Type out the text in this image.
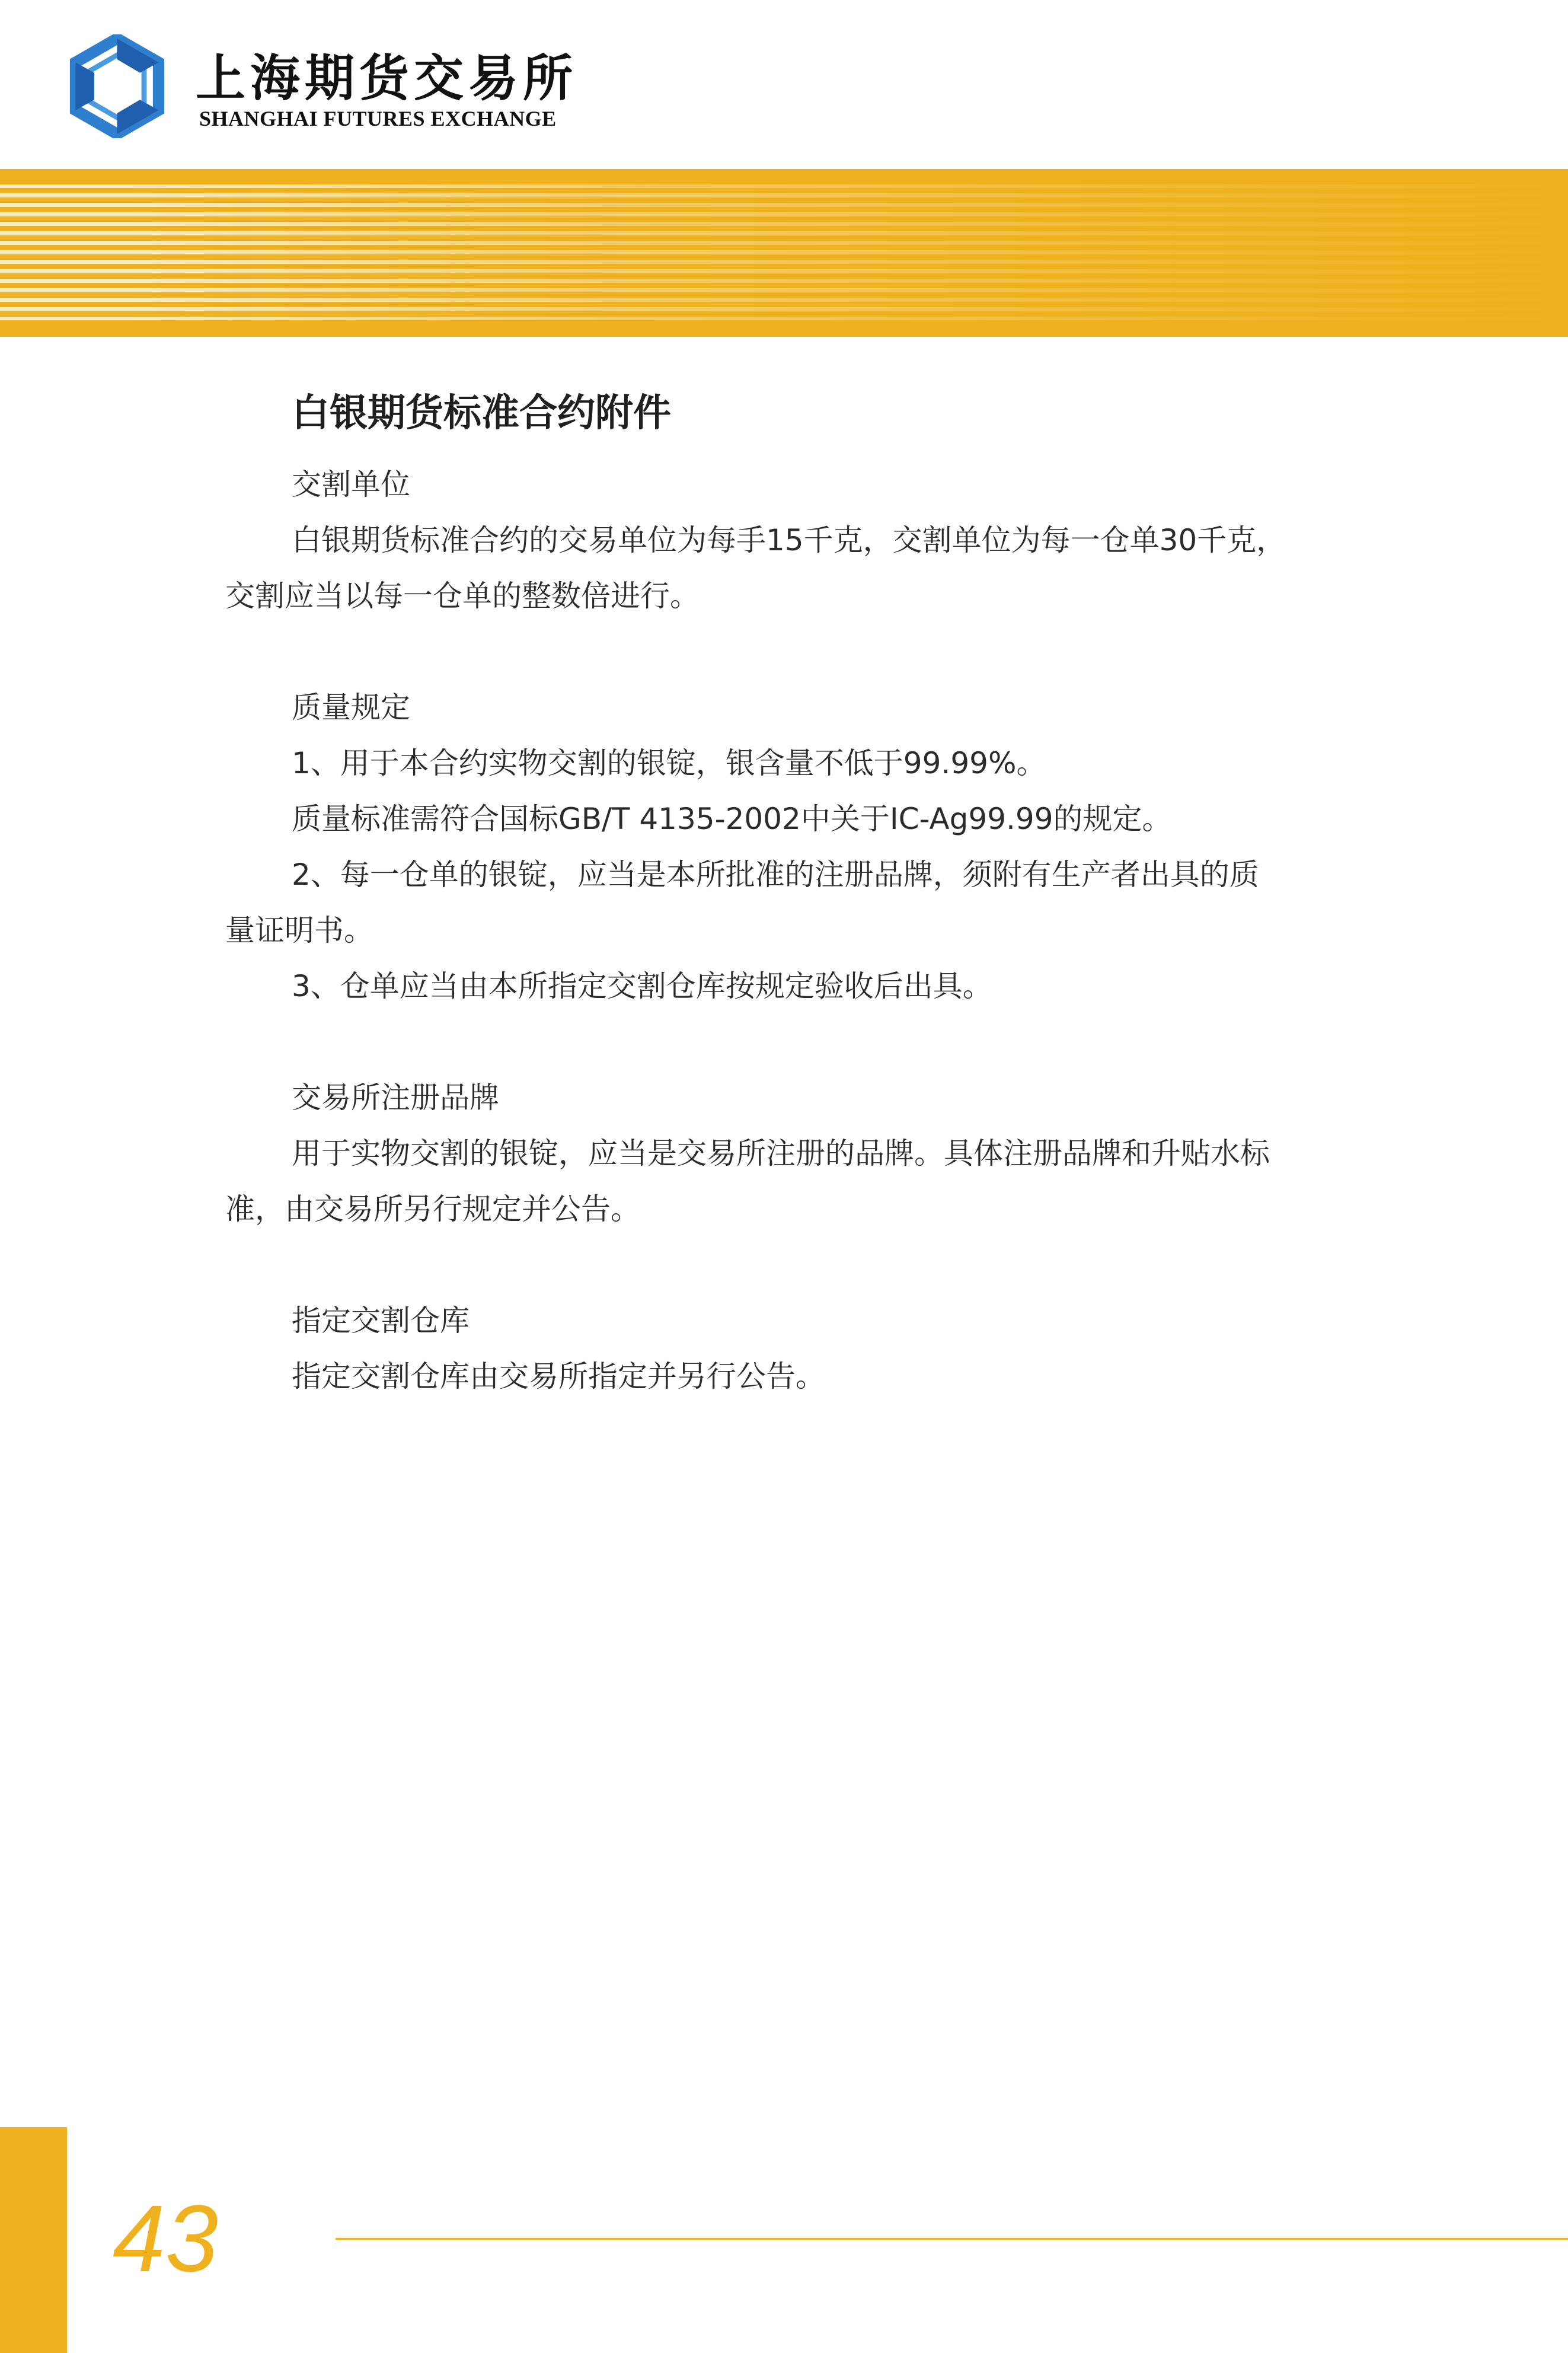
上海期货交易所
SHANGHAI FUTURES EXCHANGE
白银期货标准合约附件
交割单位
白银期货标准合约的交易单位为每手15千克，交割单位为每一仓单30千克，
交割应当以每一仓单的整数倍进行。
质量规定
1、用于本合约实物交割的银锭，银含量不低于99.99%。
质量标准需符合国标GB/T 4135-2002中关于IC-Ag99.99的规定。
2、每一仓单的银锭，应当是本所批准的注册品牌，须附有生产者出具的质
量证明书。
3、仓单应当由本所指定交割仓库按规定验收后出具。
交易所注册品牌
用于实物交割的银锭，应当是交易所注册的品牌。具体注册品牌和升贴水标
准，由交易所另行规定并公告。
指定交割仓库
指定交割仓库由交易所指定并另行公告。
43
